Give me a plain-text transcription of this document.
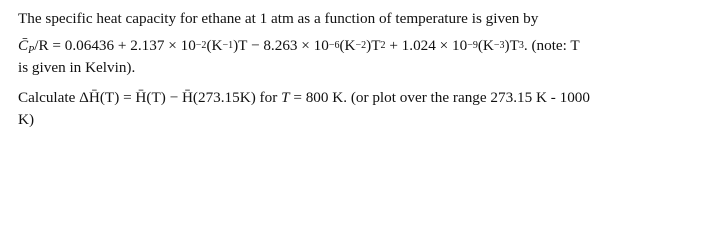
The specific heat capacity for ethane at 1 atm as a function of temperature is given by
$C̄_P/R = 0.06436 + 2.137 \times 10^{-2}(K^{-1})T - 8.263 \times 10^{-6}(K^{-2})T^2 + 1.024 \times 10^{-9}(K^{-3})T^3$. (note: T
is given in Kelvin).
Calculate ΔH̄(T) = H̄(T) − H̄(273.15K) for T = 800 K. (or plot over the range 273.15 K - 1000
K)
